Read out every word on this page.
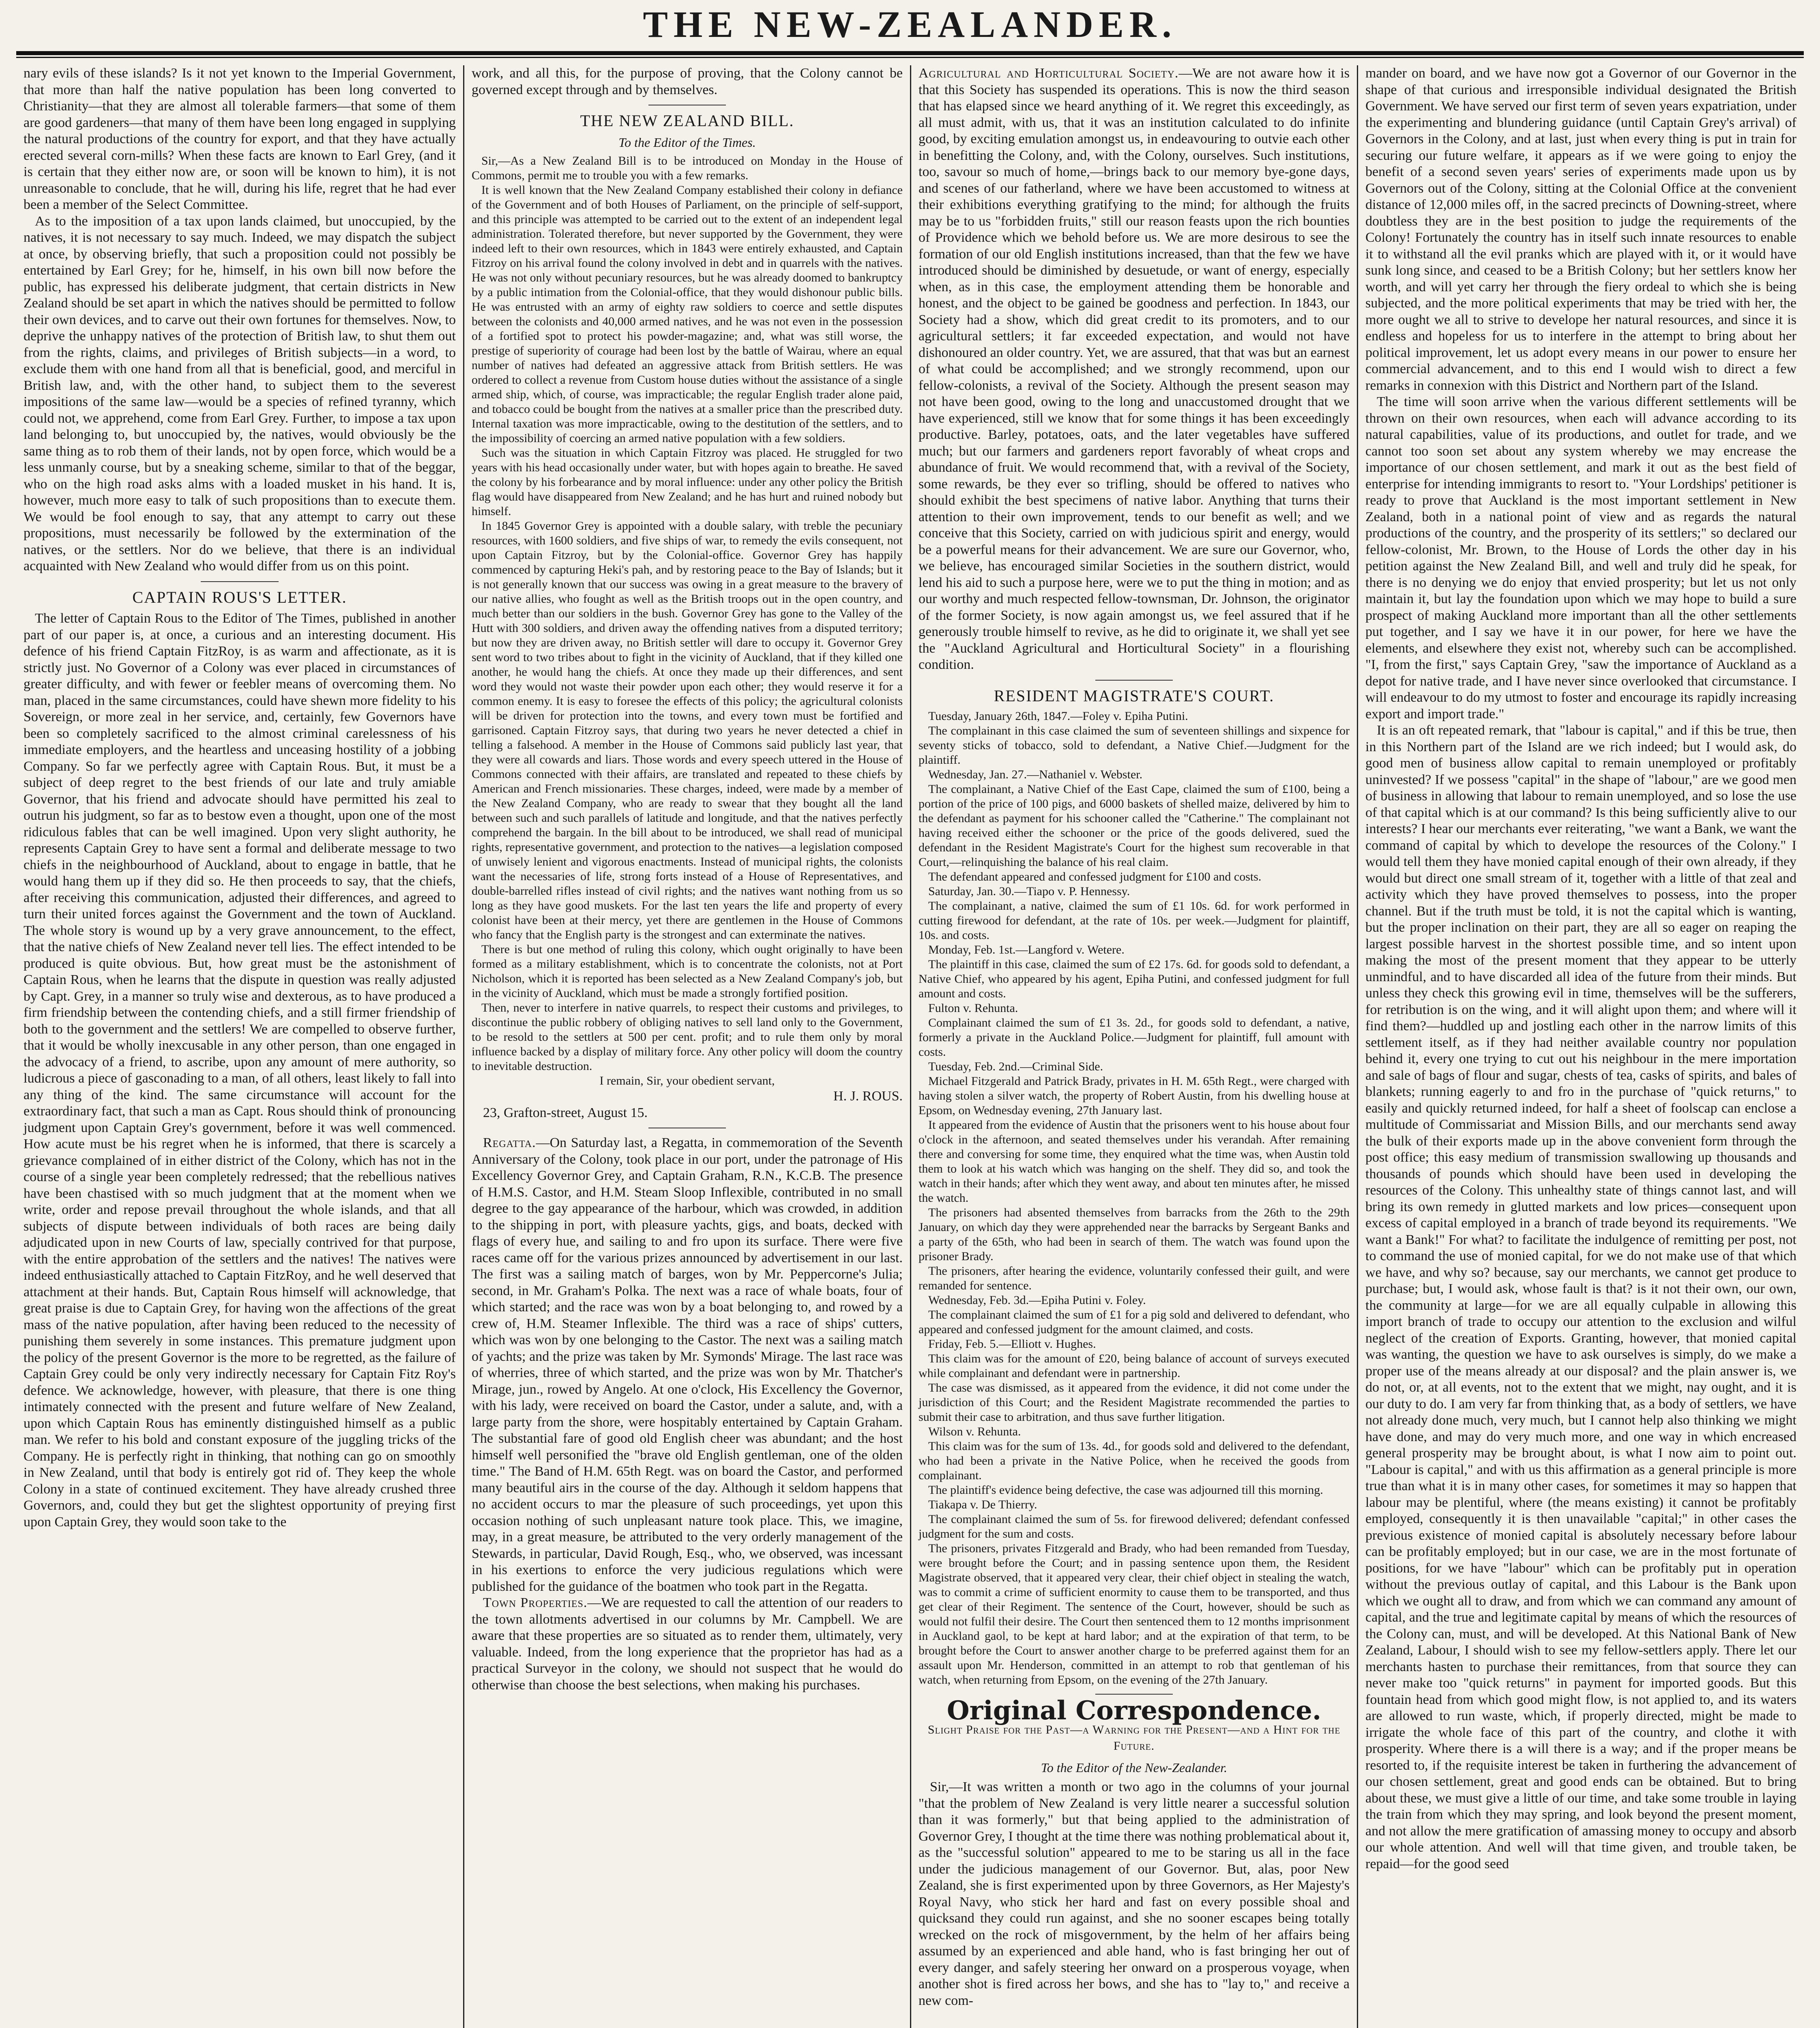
THE NEW-ZEALANDER.

nary evils of these islands? Is it not yet known to the Imperial Government, that more than half the native population has been long converted to Christianity—that they are almost all tolerable farmers—that some of them are good gardeners—that many of them have been long engaged in supplying the natural productions of the country for export, and that they have actually erected several corn-mills? When these facts are known to Earl Grey, (and it is certain that they either now are, or soon will be known to him), it is not unreasonable to conclude, that he will, during his life, regret that he had ever been a member of the Select Committee.

As to the imposition of a tax upon lands claimed, but unoccupied, by the natives, it is not necessary to say much. Indeed, we may dispatch the subject at once, by observing briefly, that such a proposition could not possibly be entertained by Earl Grey; for he, himself, in his own bill now before the public, has expressed his deliberate judgment, that certain districts in New Zealand should be set apart in which the natives should be permitted to follow their own devices, and to carve out their own fortunes for themselves. Now, to deprive the unhappy natives of the protection of British law, to shut them out from the rights, claims, and privileges of British subjects—in a word, to exclude them with one hand from all that is beneficial, good, and merciful in British law, and, with the other hand, to subject them to the severest impositions of the same law—would be a species of refined tyranny, which could not, we apprehend, come from Earl Grey. Further, to impose a tax upon land belonging to, but unoccupied by, the natives, would obviously be the same thing as to rob them of their lands, not by open force, which would be a less unmanly course, but by a sneaking scheme, similar to that of the beggar, who on the high road asks alms with a loaded musket in his hand. It is, however, much more easy to talk of such propositions than to execute them. We would be fool enough to say, that any attempt to carry out these propositions, must necessarily be followed by the extermination of the natives, or the settlers. Nor do we believe, that there is an individual acquainted with New Zealand who would differ from us on this point.

CAPTAIN ROUS'S LETTER.

The letter of Captain Rous to the Editor of The Times, published in another part of our paper is, at once, a curious and an interesting document. His defence of his friend Captain FitzRoy, is as warm and affectionate, as it is strictly just. No Governor of a Colony was ever placed in circumstances of greater difficulty, and with fewer or feebler means of overcoming them. No man, placed in the same circumstances, could have shewn more fidelity to his Sovereign, or more zeal in her service, and, certainly, few Governors have been so completely sacrificed to the almost criminal carelessness of his immediate employers, and the heartless and unceasing hostility of a jobbing Company. So far we perfectly agree with Captain Rous. But, it must be a subject of deep regret to the best friends of our late and truly amiable Governor, that his friend and advocate should have permitted his zeal to outrun his judgment, so far as to bestow even a thought, upon one of the most ridiculous fables that can be well imagined. Upon very slight authority, he represents Captain Grey to have sent a formal and deliberate message to two chiefs in the neighbourhood of Auckland, about to engage in battle, that he would hang them up if they did so. He then proceeds to say, that the chiefs, after receiving this communication, adjusted their differences, and agreed to turn their united forces against the Government and the town of Auckland. The whole story is wound up by a very grave announcement, to the effect, that the native chiefs of New Zealand never tell lies. The effect intended to be produced is quite obvious. But, how great must be the astonishment of Captain Rous, when he learns that the dispute in question was really adjusted by Capt. Grey, in a manner so truly wise and dexterous, as to have produced a firm friendship between the contending chiefs, and a still firmer friendship of both to the government and the settlers! We are compelled to observe further, that it would be wholly inexcusable in any other person, than one engaged in the advocacy of a friend, to ascribe, upon any amount of mere authority, so ludicrous a piece of gasconading to a man, of all others, least likely to fall into any thing of the kind. The same circumstance will account for the extraordinary fact, that such a man as Capt. Rous should think of pronouncing judgment upon Captain Grey's government, before it was well commenced. How acute must be his regret when he is informed, that there is scarcely a grievance complained of in either district of the Colony, which has not in the course of a single year been completely redressed; that the rebellious natives have been chastised with so much judgment that at the moment when we write, order and repose prevail throughout the whole islands, and that all subjects of dispute between individuals of both races are being daily adjudicated upon in new Courts of law, specially contrived for that purpose, with the entire approbation of the settlers and the natives! The natives were indeed enthusiastically attached to Captain FitzRoy, and he well deserved that attachment at their hands. But, Captain Rous himself will acknowledge, that great praise is due to Captain Grey, for having won the affections of the great mass of the native population, after having been reduced to the necessity of punishing them severely in some instances. This premature judgment upon the policy of the present Governor is the more to be regretted, as the failure of Captain Grey could be only very indirectly necessary for Captain Fitz Roy's defence. We acknowledge, however, with pleasure, that there is one thing intimately connected with the present and future welfare of New Zealand, upon which Captain Rous has eminently distinguished himself as a public man. We refer to his bold and constant exposure of the juggling tricks of the Company. He is perfectly right in thinking, that nothing can go on smoothly in New Zealand, until that body is entirely got rid of. They keep the whole Colony in a state of continued excitement. They have already crushed three Governors, and, could they but get the slightest opportunity of preying first upon Captain Grey, they would soon take to the

work, and all this, for the purpose of proving, that the Colony cannot be governed except through and by themselves.

THE NEW ZEALAND BILL.
To the Editor of the Times.

Sir,—As a New Zealand Bill is to be introduced on Monday in the House of Commons, permit me to trouble you with a few remarks.

It is well known that the New Zealand Company established their colony in defiance of the Government and of both Houses of Parliament, on the principle of self-support, and this principle was attempted to be carried out to the extent of an independent legal administration. Tolerated therefore, but never supported by the Government, they were indeed left to their own resources, which in 1843 were entirely exhausted, and Captain Fitzroy on his arrival found the colony involved in debt and in quarrels with the natives. He was not only without pecuniary resources, but he was already doomed to bankruptcy by a public intimation from the Colonial-office, that they would dishonour public bills. He was entrusted with an army of eighty raw soldiers to coerce and settle disputes between the colonists and 40,000 armed natives, and he was not even in the possession of a fortified spot to protect his powder-magazine; and, what was still worse, the prestige of superiority of courage had been lost by the battle of Wairau, where an equal number of natives had defeated an aggressive attack from British settlers. He was ordered to collect a revenue from Custom house duties without the assistance of a single armed ship, which, of course, was impracticable; the regular English trader alone paid, and tobacco could be bought from the natives at a smaller price than the prescribed duty. Internal taxation was more impracticable, owing to the destitution of the settlers, and to the impossibility of coercing an armed native population with a few soldiers.

Such was the situation in which Captain Fitzroy was placed. He struggled for two years with his head occasionally under water, but with hopes again to breathe. He saved the colony by his forbearance and by moral influence: under any other policy the British flag would have disappeared from New Zealand; and he has hurt and ruined nobody but himself.

In 1845 Governor Grey is appointed with a double salary, with treble the pecuniary resources, with 1600 soldiers, and five ships of war, to remedy the evils consequent, not upon Captain Fitzroy, but by the Colonial-office. Governor Grey has happily commenced by capturing Heki's pah, and by restoring peace to the Bay of Islands; but it is not generally known that our success was owing in a great measure to the bravery of our native allies, who fought as well as the British troops out in the open country, and much better than our soldiers in the bush. Governor Grey has gone to the Valley of the Hutt with 300 soldiers, and driven away the offending natives from a disputed territory; but now they are driven away, no British settler will dare to occupy it. Governor Grey sent word to two tribes about to fight in the vicinity of Auckland, that if they killed one another, he would hang the chiefs. At once they made up their differences, and sent word they would not waste their powder upon each other; they would reserve it for a common enemy. It is easy to foresee the effects of this policy; the agricultural colonists will be driven for protection into the towns, and every town must be fortified and garrisoned. Captain Fitzroy says, that during two years he never detected a chief in telling a falsehood. A member in the House of Commons said publicly last year, that they were all cowards and liars. Those words and every speech uttered in the House of Commons connected with their affairs, are translated and repeated to these chiefs by American and French missionaries. These charges, indeed, were made by a member of the New Zealand Company, who are ready to swear that they bought all the land between such and such parallels of latitude and longitude, and that the natives perfectly comprehend the bargain. In the bill about to be introduced, we shall read of municipal rights, representative government, and protection to the natives—a legislation composed of unwisely lenient and vigorous enactments. Instead of municipal rights, the colonists want the necessaries of life, strong forts instead of a House of Representatives, and double-barrelled rifles instead of civil rights; and the natives want nothing from us so long as they have good muskets. For the last ten years the life and property of every colonist have been at their mercy, yet there are gentlemen in the House of Commons who fancy that the English party is the strongest and can exterminate the natives.

There is but one method of ruling this colony, which ought originally to have been formed as a military establishment, which is to concentrate the colonists, not at Port Nicholson, which it is reported has been selected as a New Zealand Company's job, but in the vicinity of Auckland, which must be made a strongly fortified position.

Then, never to interfere in native quarrels, to respect their customs and privileges, to discontinue the public robbery of obliging natives to sell land only to the Government, to be resold to the settlers at 500 per cent. profit; and to rule them only by moral influence backed by a display of military force. Any other policy will doom the country to inevitable destruction.

I remain, Sir, your obedient servant,

H. J. ROUS.

23, Grafton-street, August 15.

Regatta.—On Saturday last, a Regatta, in commemoration of the Seventh Anniversary of the Colony, took place in our port, under the patronage of His Excellency Governor Grey, and Captain Graham, R.N., K.C.B. The presence of H.M.S. Castor, and H.M. Steam Sloop Inflexible, contributed in no small degree to the gay appearance of the harbour, which was crowded, in addition to the shipping in port, with pleasure yachts, gigs, and boats, decked with flags of every hue, and sailing to and fro upon its surface. There were five races came off for the various prizes announced by advertisement in our last. The first was a sailing match of barges, won by Mr. Peppercorne's Julia; second, in Mr. Graham's Polka. The next was a race of whale boats, four of which started; and the race was won by a boat belonging to, and rowed by a crew of, H.M. Steamer Inflexible. The third was a race of ships' cutters, which was won by one belonging to the Castor. The next was a sailing match of yachts; and the prize was taken by Mr. Symonds' Mirage. The last race was of wherries, three of which started, and the prize was won by Mr. Thatcher's Mirage, jun., rowed by Angelo. At one o'clock, His Excellency the Governor, with his lady, were received on board the Castor, under a salute, and, with a large party from the shore, were hospitably entertained by Captain Graham. The substantial fare of good old English cheer was abundant; and the host himself well personified the "brave old English gentleman, one of the olden time." The Band of H.M. 65th Regt. was on board the Castor, and performed many beautiful airs in the course of the day. Although it seldom happens that no accident occurs to mar the pleasure of such proceedings, yet upon this occasion nothing of such unpleasant nature took place. This, we imagine, may, in a great measure, be attributed to the very orderly management of the Stewards, in particular, David Rough, Esq., who, we observed, was incessant in his exertions to enforce the very judicious regulations which were published for the guidance of the boatmen who took part in the Regatta.

Town Properties.—We are requested to call the attention of our readers to the town allotments advertised in our columns by Mr. Campbell. We are aware that these properties are so situated as to render them, ultimately, very valuable. Indeed, from the long experience that the proprietor has had as a practical Surveyor in the colony, we should not suspect that he would do otherwise than choose the best selections, when making his purchases.

Agricultural and Horticultural Society.—We are not aware how it is that this Society has suspended its operations. This is now the third season that has elapsed since we heard anything of it. We regret this exceedingly, as all must admit, with us, that it was an institution calculated to do infinite good, by exciting emulation amongst us, in endeavouring to outvie each other in benefitting the Colony, and, with the Colony, ourselves. Such institutions, too, savour so much of home,—brings back to our memory bye-gone days, and scenes of our fatherland, where we have been accustomed to witness at their exhibitions everything gratifying to the mind; for although the fruits may be to us "forbidden fruits," still our reason feasts upon the rich bounties of Providence which we behold before us. We are more desirous to see the formation of our old English institutions increased, than that the few we have introduced should be diminished by desuetude, or want of energy, especially when, as in this case, the employment attending them be honorable and honest, and the object to be gained be goodness and perfection. In 1843, our Society had a show, which did great credit to its promoters, and to our agricultural settlers; it far exceeded expectation, and would not have dishonoured an older country. Yet, we are assured, that that was but an earnest of what could be accomplished; and we strongly recommend, upon our fellow-colonists, a revival of the Society. Although the present season may not have been good, owing to the long and unaccustomed drought that we have experienced, still we know that for some things it has been exceedingly productive. Barley, potatoes, oats, and the later vegetables have suffered much; but our farmers and gardeners report favorably of wheat crops and abundance of fruit. We would recommend that, with a revival of the Society, some rewards, be they ever so trifling, should be offered to natives who should exhibit the best specimens of native labor. Anything that turns their attention to their own improvement, tends to our benefit as well; and we conceive that this Society, carried on with judicious spirit and energy, would be a powerful means for their advancement. We are sure our Governor, who, we believe, has encouraged similar Societies in the southern district, would lend his aid to such a purpose here, were we to put the thing in motion; and as our worthy and much respected fellow-townsman, Dr. Johnson, the originator of the former Society, is now again amongst us, we feel assured that if he generously trouble himself to revive, as he did to originate it, we shall yet see the "Auckland Agricultural and Horticultural Society" in a flourishing condition.

RESIDENT MAGISTRATE'S COURT.

Tuesday, January 26th, 1847.—Foley v. Epiha Putini.

The complainant in this case claimed the sum of seventeen shillings and sixpence for seventy sticks of tobacco, sold to defendant, a Native Chief.—Judgment for the plaintiff.

Wednesday, Jan. 27.—Nathaniel v. Webster.

The complainant, a Native Chief of the East Cape, claimed the sum of £100, being a portion of the price of 100 pigs, and 6000 baskets of shelled maize, delivered by him to the defendant as payment for his schooner called the "Catherine." The complainant not having received either the schooner or the price of the goods delivered, sued the defendant in the Resident Magistrate's Court for the highest sum recoverable in that Court,—relinquishing the balance of his real claim.

The defendant appeared and confessed judgment for £100 and costs.

Saturday, Jan. 30.—Tiapo v. P. Hennessy.

The complainant, a native, claimed the sum of £1 10s. 6d. for work performed in cutting firewood for defendant, at the rate of 10s. per week.—Judgment for plaintiff, 10s. and costs.

Monday, Feb. 1st.—Langford v. Wetere.

The plaintiff in this case, claimed the sum of £2 17s. 6d. for goods sold to defendant, a Native Chief, who appeared by his agent, Epiha Putini, and confessed judgment for full amount and costs.

Fulton v. Rehunta.

Complainant claimed the sum of £1 3s. 2d., for goods sold to defendant, a native, formerly a private in the Auckland Police.—Judgment for plaintiff, full amount with costs.

Tuesday, Feb. 2nd.—Criminal Side.

Michael Fitzgerald and Patrick Brady, privates in H. M. 65th Regt., were charged with having stolen a silver watch, the property of Robert Austin, from his dwelling house at Epsom, on Wednesday evening, 27th January last.

It appeared from the evidence of Austin that the prisoners went to his house about four o'clock in the afternoon, and seated themselves under his verandah. After remaining there and conversing for some time, they enquired what the time was, when Austin told them to look at his watch which was hanging on the shelf. They did so, and took the watch in their hands; after which they went away, and about ten minutes after, he missed the watch.

The prisoners had absented themselves from barracks from the 26th to the 29th January, on which day they were apprehended near the barracks by Sergeant Banks and a party of the 65th, who had been in search of them. The watch was found upon the prisoner Brady.

The prisoners, after hearing the evidence, voluntarily confessed their guilt, and were remanded for sentence.

Wednesday, Feb. 3d.—Epiha Putini v. Foley.

The complainant claimed the sum of £1 for a pig sold and delivered to defendant, who appeared and confessed judgment for the amount claimed, and costs.

Friday, Feb. 5.—Elliott v. Hughes.

This claim was for the amount of £20, being balance of account of surveys executed while complainant and defendant were in partnership.

The case was dismissed, as it appeared from the evidence, it did not come under the jurisdiction of this Court; and the Resident Magistrate recommended the parties to submit their case to arbitration, and thus save further litigation.

Wilson v. Rehunta.

This claim was for the sum of 13s. 4d., for goods sold and delivered to the defendant, who had been a private in the Native Police, when he received the goods from complainant.

The plaintiff's evidence being defective, the case was adjourned till this morning.

Tiakapa v. De Thierry.

The complainant claimed the sum of 5s. for firewood delivered; defendant confessed judgment for the sum and costs.

The prisoners, privates Fitzgerald and Brady, who had been remanded from Tuesday, were brought before the Court; and in passing sentence upon them, the Resident Magistrate observed, that it appeared very clear, their chief object in stealing the watch, was to commit a crime of sufficient enormity to cause them to be transported, and thus get clear of their Regiment. The sentence of the Court, however, should be such as would not fulfil their desire. The Court then sentenced them to 12 months imprisonment in Auckland gaol, to be kept at hard labor; and at the expiration of that term, to be brought before the Court to answer another charge to be preferred against them for an assault upon Mr. Henderson, committed in an attempt to rob that gentleman of his watch, when returning from Epsom, on the evening of the 27th January.

Original Correspondence.
Slight Praise for the Past—a Warning for the Present—and a Hint for the Future.
To the Editor of the New-Zealander.

Sir,—It was written a month or two ago in the columns of your journal "that the problem of New Zealand is very little nearer a successful solution than it was formerly," but that being applied to the administration of Governor Grey, I thought at the time there was nothing problematical about it, as the "successful solution" appeared to me to be staring us all in the face under the judicious management of our Governor. But, alas, poor New Zealand, she is first experimented upon by three Governors, as Her Majesty's Royal Navy, who stick her hard and fast on every possible shoal and quicksand they could run against, and she no sooner escapes being totally wrecked on the rock of misgovernment, by the helm of her affairs being assumed by an experienced and able hand, who is fast bringing her out of every danger, and safely steering her onward on a prosperous voyage, when another shot is fired across her bows, and she has to "lay to," and receive a new com-

mander on board, and we have now got a Governor of our Governor in the shape of that curious and irresponsible individual designated the British Government. We have served our first term of seven years expatriation, under the experimenting and blundering guidance (until Captain Grey's arrival) of Governors in the Colony, and at last, just when every thing is put in train for securing our future welfare, it appears as if we were going to enjoy the benefit of a second seven years' series of experiments made upon us by Governors out of the Colony, sitting at the Colonial Office at the convenient distance of 12,000 miles off, in the sacred precincts of Downing-street, where doubtless they are in the best position to judge the requirements of the Colony! Fortunately the country has in itself such innate resources to enable it to withstand all the evil pranks which are played with it, or it would have sunk long since, and ceased to be a British Colony; but her settlers know her worth, and will yet carry her through the fiery ordeal to which she is being subjected, and the more political experiments that may be tried with her, the more ought we all to strive to develope her natural resources, and since it is endless and hopeless for us to interfere in the attempt to bring about her political improvement, let us adopt every means in our power to ensure her commercial advancement, and to this end I would wish to direct a few remarks in connexion with this District and Northern part of the Island.

The time will soon arrive when the various different settlements will be thrown on their own resources, when each will advance according to its natural capabilities, value of its productions, and outlet for trade, and we cannot too soon set about any system whereby we may encrease the importance of our chosen settlement, and mark it out as the best field of enterprise for intending immigrants to resort to. "Your Lordships' petitioner is ready to prove that Auckland is the most important settlement in New Zealand, both in a national point of view and as regards the natural productions of the country, and the prosperity of its settlers;" so declared our fellow-colonist, Mr. Brown, to the House of Lords the other day in his petition against the New Zealand Bill, and well and truly did he speak, for there is no denying we do enjoy that envied prosperity; but let us not only maintain it, but lay the foundation upon which we may hope to build a sure prospect of making Auckland more important than all the other settlements put together, and I say we have it in our power, for here we have the elements, and elsewhere they exist not, whereby such can be accomplished. "I, from the first," says Captain Grey, "saw the importance of Auckland as a depot for native trade, and I have never since overlooked that circumstance. I will endeavour to do my utmost to foster and encourage its rapidly increasing export and import trade."

It is an oft repeated remark, that "labour is capital," and if this be true, then in this Northern part of the Island are we rich indeed; but I would ask, do good men of business allow capital to remain unemployed or profitably uninvested? If we possess "capital" in the shape of "labour," are we good men of business in allowing that labour to remain unemployed, and so lose the use of that capital which is at our command? Is this being sufficiently alive to our interests? I hear our merchants ever reiterating, "we want a Bank, we want the command of capital by which to develope the resources of the Colony." I would tell them they have monied capital enough of their own already, if they would but direct one small stream of it, together with a little of that zeal and activity which they have proved themselves to possess, into the proper channel. But if the truth must be told, it is not the capital which is wanting, but the proper inclination on their part, they are all so eager on reaping the largest possible harvest in the shortest possible time, and so intent upon making the most of the present moment that they appear to be utterly unmindful, and to have discarded all idea of the future from their minds. But unless they check this growing evil in time, themselves will be the sufferers, for retribution is on the wing, and it will alight upon them; and where will it find them?—huddled up and jostling each other in the narrow limits of this settlement itself, as if they had neither available country nor population behind it, every one trying to cut out his neighbour in the mere importation and sale of bags of flour and sugar, chests of tea, casks of spirits, and bales of blankets; running eagerly to and fro in the purchase of "quick returns," to easily and quickly returned indeed, for half a sheet of foolscap can enclose a multitude of Commissariat and Mission Bills, and our merchants send away the bulk of their exports made up in the above convenient form through the post office; this easy medium of transmission swallowing up thousands and thousands of pounds which should have been used in developing the resources of the Colony. This unhealthy state of things cannot last, and will bring its own remedy in glutted markets and low prices—consequent upon excess of capital employed in a branch of trade beyond its requirements. "We want a Bank!" For what? to facilitate the indulgence of remitting per post, not to command the use of monied capital, for we do not make use of that which we have, and why so? because, say our merchants, we cannot get produce to purchase; but, I would ask, whose fault is that? is it not their own, our own, the community at large—for we are all equally culpable in allowing this import branch of trade to occupy our attention to the exclusion and wilful neglect of the creation of Exports. Granting, however, that monied capital was wanting, the question we have to ask ourselves is simply, do we make a proper use of the means already at our disposal? and the plain answer is, we do not, or, at all events, not to the extent that we might, nay ought, and it is our duty to do. I am very far from thinking that, as a body of settlers, we have not already done much, very much, but I cannot help also thinking we might have done, and may do very much more, and one way in which encreased general prosperity may be brought about, is what I now aim to point out. "Labour is capital," and with us this affirmation as a general principle is more true than what it is in many other cases, for sometimes it may so happen that labour may be plentiful, where (the means existing) it cannot be profitably employed, consequently it is then unavailable "capital;" in other cases the previous existence of monied capital is absolutely necessary before labour can be profitably employed; but in our case, we are in the most fortunate of positions, for we have "labour" which can be profitably put in operation without the previous outlay of capital, and this Labour is the Bank upon which we ought all to draw, and from which we can command any amount of capital, and the true and legitimate capital by means of which the resources of the Colony can, must, and will be developed. At this National Bank of New Zealand, Labour, I should wish to see my fellow-settlers apply. There let our merchants hasten to purchase their remittances, from that source they can never make too "quick returns" in payment for imported goods. But this fountain head from which good might flow, is not applied to, and its waters are allowed to run waste, which, if properly directed, might be made to irrigate the whole face of this part of the country, and clothe it with prosperity. Where there is a will there is a way; and if the proper means be resorted to, if the requisite interest be taken in furthering the advancement of our chosen settlement, great and good ends can be obtained. But to bring about these, we must give a little of our time, and take some trouble in laying the train from which they may spring, and look beyond the present moment, and not allow the mere gratification of amassing money to occupy and absorb our whole attention. And well will that time given, and trouble taken, be repaid—for the good seed
